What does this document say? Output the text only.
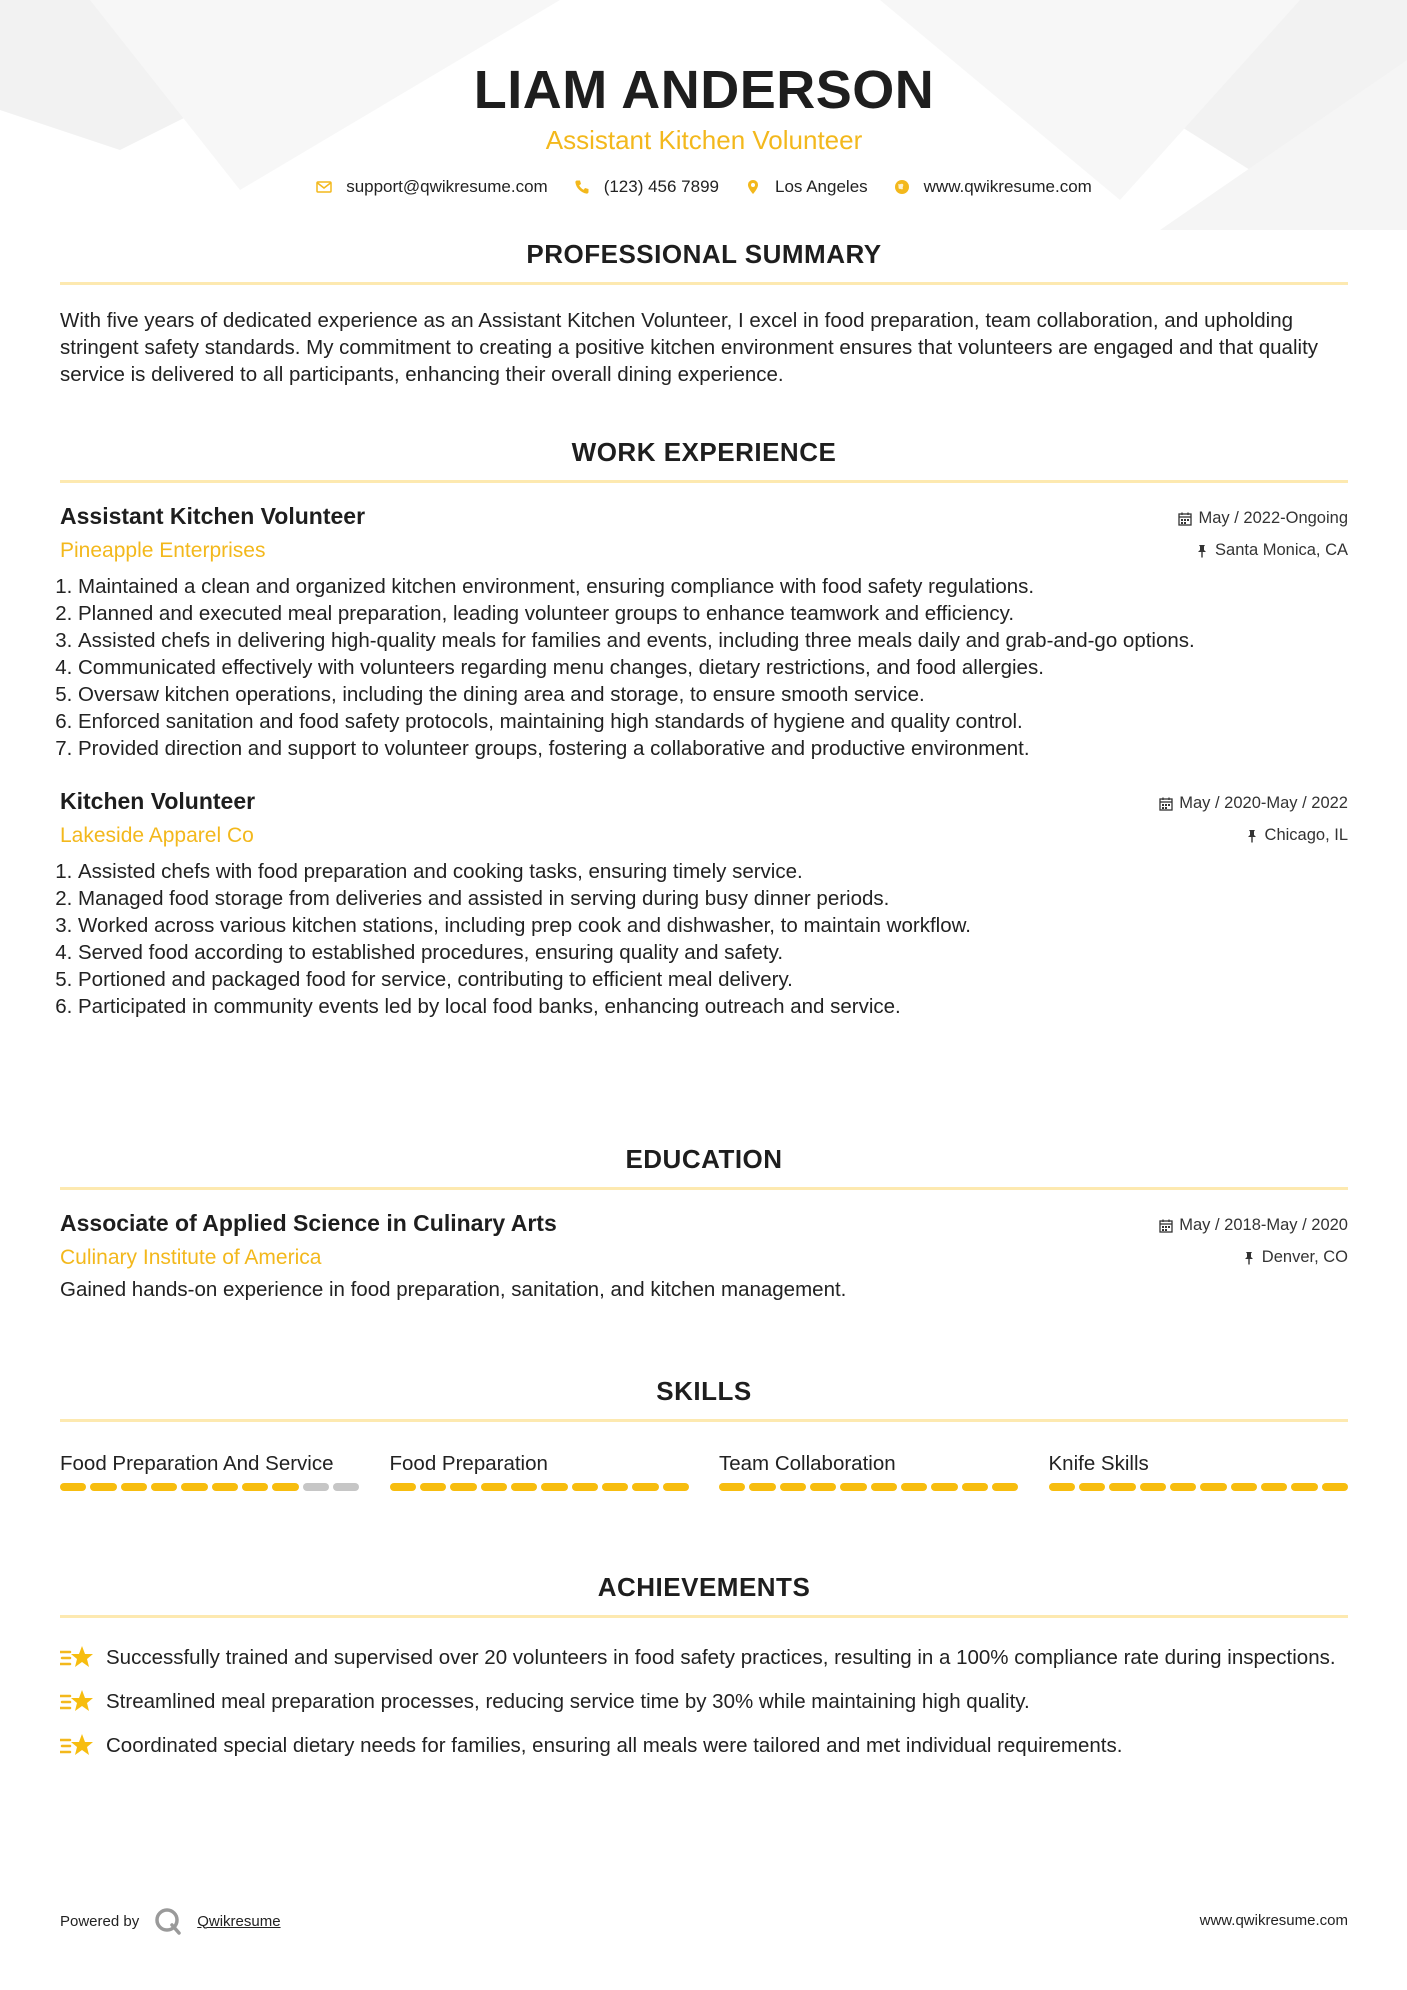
LIAM ANDERSON
Assistant Kitchen Volunteer
support@qwikresume.com	(123) 456 7899	Los Angeles	www.qwikresume.com
PROFESSIONAL SUMMARY
With five years of dedicated experience as an Assistant Kitchen Volunteer, I excel in food preparation, team collaboration, and upholding stringent safety standards. My commitment to creating a positive kitchen environment ensures that volunteers are engaged and that quality service is delivered to all participants, enhancing their overall dining experience.
WORK EXPERIENCE
Assistant Kitchen Volunteer
Pineapple Enterprises
May / 2022-Ongoing
Santa Monica, CA
1. Maintained a clean and organized kitchen environment, ensuring compliance with food safety regulations.
2. Planned and executed meal preparation, leading volunteer groups to enhance teamwork and efficiency.
3. Assisted chefs in delivering high-quality meals for families and events, including three meals daily and grab-and-go options.
4. Communicated effectively with volunteers regarding menu changes, dietary restrictions, and food allergies.
5. Oversaw kitchen operations, including the dining area and storage, to ensure smooth service.
6. Enforced sanitation and food safety protocols, maintaining high standards of hygiene and quality control.
7. Provided direction and support to volunteer groups, fostering a collaborative and productive environment.
Kitchen Volunteer
Lakeside Apparel Co
May / 2020-May / 2022
Chicago, IL
1. Assisted chefs with food preparation and cooking tasks, ensuring timely service.
2. Managed food storage from deliveries and assisted in serving during busy dinner periods.
3. Worked across various kitchen stations, including prep cook and dishwasher, to maintain workflow.
4. Served food according to established procedures, ensuring quality and safety.
5. Portioned and packaged food for service, contributing to efficient meal delivery.
6. Participated in community events led by local food banks, enhancing outreach and service.
EDUCATION
Associate of Applied Science in Culinary Arts
Culinary Institute of America
May / 2018-May / 2020
Denver, CO
Gained hands-on experience in food preparation, sanitation, and kitchen management.
SKILLS
Food Preparation And Service	Food Preparation	Team Collaboration	Knife Skills
ACHIEVEMENTS
Successfully trained and supervised over 20 volunteers in food safety practices, resulting in a 100% compliance rate during inspections.
Streamlined meal preparation processes, reducing service time by 30% while maintaining high quality.
Coordinated special dietary needs for families, ensuring all meals were tailored and met individual requirements.
Powered by	Qwikresume	www.qwikresume.com
